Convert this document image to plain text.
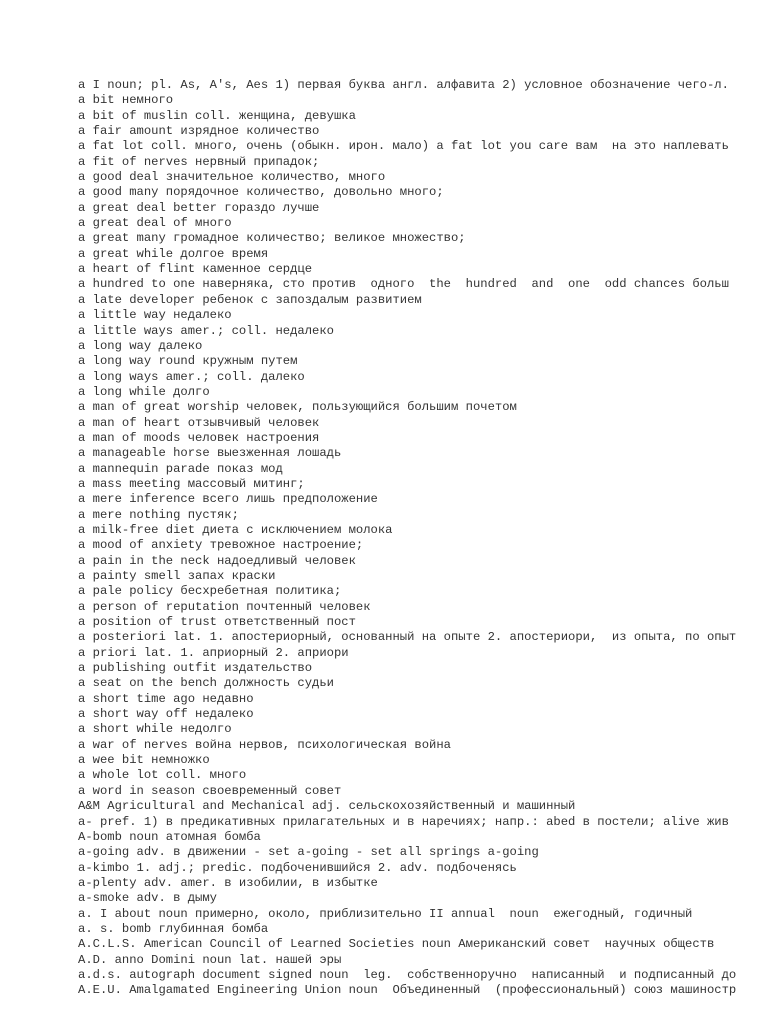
a I noun; pl. As, A's, Aes 1) первая буква англ. алфавита 2) условное обозначение чего-л.
a bit немного
a bit of muslin coll. женщина, девушка
a fair amount изрядное количество
a fat lot coll. много, очень (обыкн. ирон. мало) a fat lot you care вам  на это наплевать
a fit of nerves нервный припадок;
a good deal значительное количество, много
a good many порядочное количество, довольно много;
a great deal better гораздо лучше
a great deal of много
a great many громадное количество; великое множество;
a great while долгое время
a heart of flint каменное сердце
a hundred to one наверняка, сто против  одного  the  hundred  and  one  odd chances больш
a late developer ребенок с запоздалым развитием
a little way недалеко
a little ways amer.; coll. недалеко
a long way далеко
a long way round кружным путем
a long ways amer.; coll. далеко
a long while долго
a man of great worship человек, пользующийся большим почетом
a man of heart отзывчивый человек
a man of moods человек настроения
a manageable horse выезженная лошадь
a mannequin parade показ мод
a mass meeting массовый митинг;
a mere inference всего лишь предположение
a mere nothing пустяк;
a milk-free diet диета с исключением молока
a mood of anxiety тревожное настроение;
a pain in the neck надоедливый человек
a painty smell запах краски
a pale policy бесхребетная политика;
a person of reputation почтенный человек
a position of trust ответственный пост
a posteriori lat. 1. апостериорный, основанный на опыте 2. апостериори,  из опыта, по опыт
a priori lat. 1. априорный 2. априори
a publishing outfit издательство
a seat on the bench должность судьи
a short time ago недавно
a short way off недалеко
a short while недолго
a war of nerves война нервов, психологическая война
a wee bit немножко
a whole lot coll. много
a word in season своевременный совет
A&M Agricultural and Mechanical adj. сельскохозяйственный и машинный
a- pref. 1) в предикативных прилагательных и в наречиях; напр.: abed в постели; alive жив
A-bomb noun атомная бомба
a-going adv. в движении - set a-going - set all springs a-going
a-kimbo 1. adj.; predic. подбоченившийся 2. adv. подбоченясь
a-plenty adv. amer. в изобилии, в избытке
a-smoke adv. в дыму
a. I about noun примерно, около, приблизительно II annual  noun  ежегодный, годичный
a. s. bomb глубинная бомба
A.C.L.S. American Council of Learned Societies noun Американский совет  научных обществ
A.D. anno Domini noun lat. нашей эры
a.d.s. autograph document signed noun  leg.  собственноручно  написанный  и подписанный до
A.E.U. Amalgamated Engineering Union noun  Объединенный  (профессиональный) союз машиностр
